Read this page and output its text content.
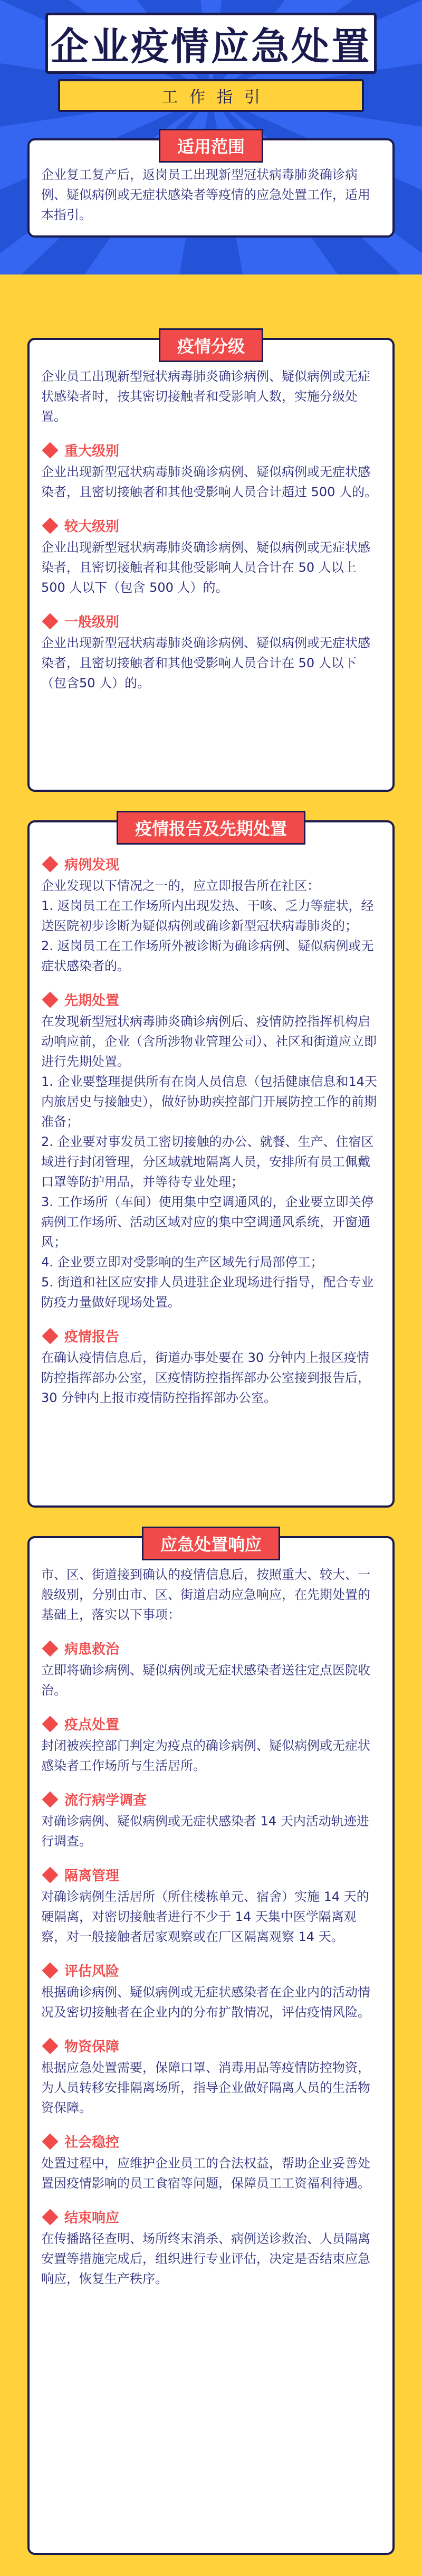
企业疫情应急处置
工作指引
适用范围

企业复工复产后，返岗员工出现新型冠状病毒肺炎确诊病例、疑似病例或无症状感染者等疫情的应急处置工作，适用本指引。

疫情分级

企业员工出现新型冠状病毒肺炎确诊病例、疑似病例或无症状感染者时，按其密切接触者和受影响人数，实施分级处置。

重大级别

企业出现新型冠状病毒肺炎确诊病例、疑似病例或无症状感染者，且密切接触者和其他受影响人员合计超过 500 人的。

较大级别

企业出现新型冠状病毒肺炎确诊病例、疑似病例或无症状感染者，且密切接触者和其他受影响人员合计在 50 人以上 500 人以下（包含 500 人）的。

一般级别

企业出现新型冠状病毒肺炎确诊病例、疑似病例或无症状感染者，且密切接触者和其他受影响人员合计在 50 人以下（包含50 人）的。

疫情报告及先期处置
病例发现

企业发现以下情况之一的，应立即报告所在社区：
1. 返岗员工在工作场所内出现发热、干咳、乏力等症状，经送医院初步诊断为疑似病例或确诊新型冠状病毒肺炎的；
2. 返岗员工在工作场所外被诊断为确诊病例、疑似病例或无症状感染者的。

先期处置

在发现新型冠状病毒肺炎确诊病例后、疫情防控指挥机构启动响应前，企业（含所涉物业管理公司）、社区和街道应立即进行先期处置。
1. 企业要整理提供所有在岗人员信息（包括健康信息和14天内旅居史与接触史），做好协助疾控部门开展防控工作的前期准备；
2. 企业要对事发员工密切接触的办公、就餐、生产、住宿区域进行封闭管理，分区域就地隔离人员，安排所有员工佩戴口罩等防护用品，并等待专业处理；
3. 工作场所（车间）使用集中空调通风的，企业要立即关停病例工作场所、活动区域对应的集中空调通风系统，开窗通风；
4. 企业要立即对受影响的生产区域先行局部停工；
5. 街道和社区应安排人员进驻企业现场进行指导，配合专业防疫力量做好现场处置。

疫情报告

在确认疫情信息后，街道办事处要在 30 分钟内上报区疫情防控指挥部办公室，区疫情防控指挥部办公室接到报告后，30 分钟内上报市疫情防控指挥部办公室。

应急处置响应

市、区、街道接到确认的疫情信息后，按照重大、较大、一般级别，分别由市、区、街道启动应急响应，在先期处置的基础上，落实以下事项：

病患救治

立即将确诊病例、疑似病例或无症状感染者送往定点医院收治。

疫点处置

封闭被疾控部门判定为疫点的确诊病例、疑似病例或无症状感染者工作场所与生活居所。

流行病学调查

对确诊病例、疑似病例或无症状感染者 14 天内活动轨迹进行调查。

隔离管理

对确诊病例生活居所（所住楼栋单元、宿舍）实施 14 天的硬隔离，对密切接触者进行不少于 14 天集中医学隔离观察，对一般接触者居家观察或在厂区隔离观察 14 天。

评估风险

根据确诊病例、疑似病例或无症状感染者在企业内的活动情况及密切接触者在企业内的分布扩散情况，评估疫情风险。

物资保障

根据应急处置需要，保障口罩、消毒用品等疫情防控物资，为人员转移安排隔离场所，指导企业做好隔离人员的生活物资保障。

社会稳控

处置过程中，应维护企业员工的合法权益，帮助企业妥善处置因疫情影响的员工食宿等问题，保障员工工资福利待遇。

结束响应

在传播路径查明、场所终末消杀、病例送诊救治、人员隔离安置等措施完成后，组织进行专业评估，决定是否结束应急响应，恢复生产秩序。
